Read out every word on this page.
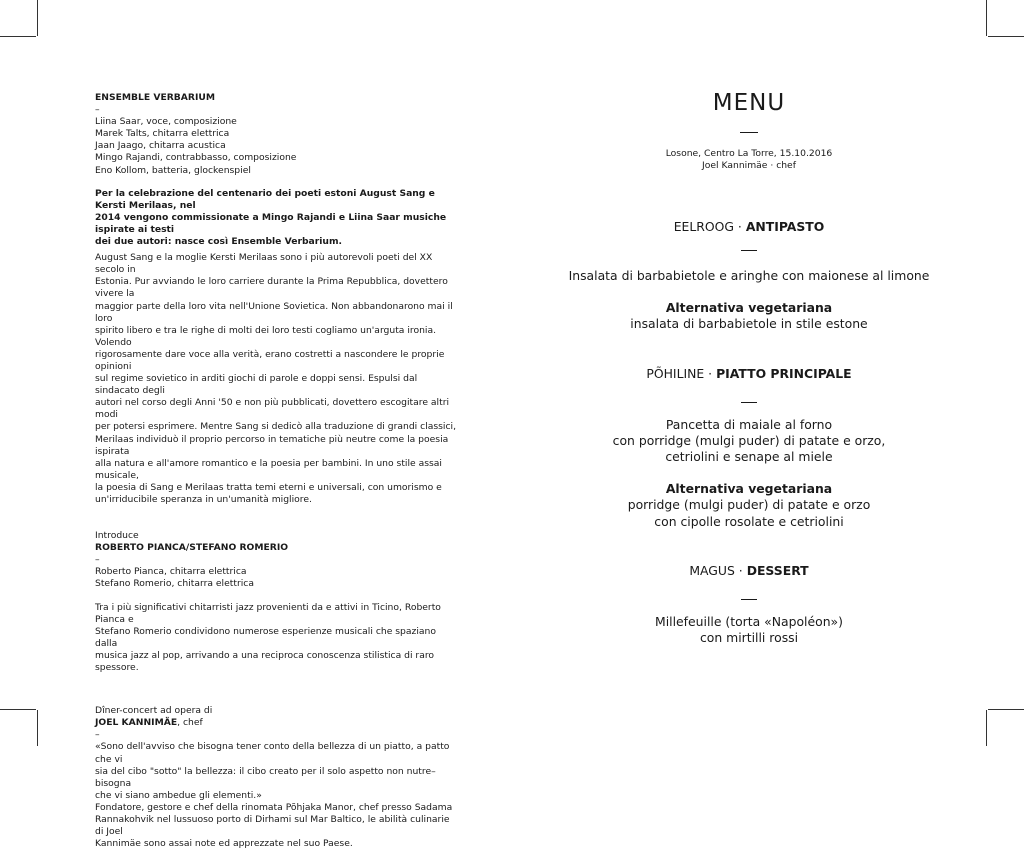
ENSEMBLE VERBARIUM

–

Liina Saar, voce, composizione

Marek Talts, chitarra elettrica

Jaan Jaago, chitarra acustica

Mingo Rajandi, contrabbasso, composizione

Eno Kollom, batteria, glockenspiel

Per la celebrazione del centenario dei poeti estoni August Sang e Kersti Merilaas, nel

2014 vengono commissionate a Mingo Rajandi e Liina Saar musiche ispirate ai testi

dei due autori: nasce così Ensemble Verbarium.

August Sang e la moglie Kersti Merilaas sono i più autorevoli poeti del XX secolo in

Estonia. Pur avviando le loro carriere durante la Prima Repubblica, dovettero vivere la

maggior parte della loro vita nell'Unione Sovietica. Non abbandonarono mai il loro

spirito libero e tra le righe di molti dei loro testi cogliamo un'arguta ironia. Volendo

rigorosamente dare voce alla verità, erano costretti a nascondere le proprie opinioni

sul regime sovietico in arditi giochi di parole e doppi sensi. Espulsi dal sindacato degli

autori nel corso degli Anni '50 e non più pubblicati, dovettero escogitare altri modi

per potersi esprimere. Mentre Sang si dedicò alla traduzione di grandi classici,

Merilaas individuò il proprio percorso in tematiche più neutre come la poesia ispirata

alla natura e all'amore romantico e la poesia per bambini. In uno stile assai musicale,

la poesia di Sang e Merilaas tratta temi eterni e universali, con umorismo e

un'irriducibile speranza in un'umanità migliore.

Introduce

ROBERTO PIANCA/STEFANO ROMERIO

–

Roberto Pianca, chitarra elettrica

Stefano Romerio, chitarra elettrica

Tra i più significativi chitarristi jazz provenienti da e attivi in Ticino, Roberto Pianca e

Stefano Romerio condividono numerose esperienze musicali che spaziano dalla

musica jazz al pop, arrivando a una reciproca conoscenza stilistica di raro spessore.

Dîner-concert ad opera di

JOEL KANNIMÄE, chef

–

«Sono dell'avviso che bisogna tener conto della bellezza di un piatto, a patto che vi

sia del cibo "sotto" la bellezza: il cibo creato per il solo aspetto non nutre–bisogna

che vi siano ambedue gli elementi.»

Fondatore, gestore e chef della rinomata Põhjaka Manor, chef presso Sadama

Rannakohvik nel lussuoso porto di Dirhami sul Mar Baltico, le abilità culinarie di Joel

Kannimäe sono assai note ed apprezzate nel suo Paese.

MENU
Losone, Centro La Torre, 15.10.2016
Joel Kannimäe · chef
EELROOG · ANTIPASTO
Insalata di barbabietole e aringhe con maionese al limone
Alternativa vegetariana
insalata di barbabietole in stile estone
PÕHILINE · PIATTO PRINCIPALE
Pancetta di maiale al forno
con porridge (mulgi puder) di patate e orzo,
cetriolini e senape al miele
Alternativa vegetariana
porridge (mulgi puder) di patate e orzo
con cipolle rosolate e cetriolini
MAGUS · DESSERT
Millefeuille (torta «Napoléon»)
con mirtilli rossi
